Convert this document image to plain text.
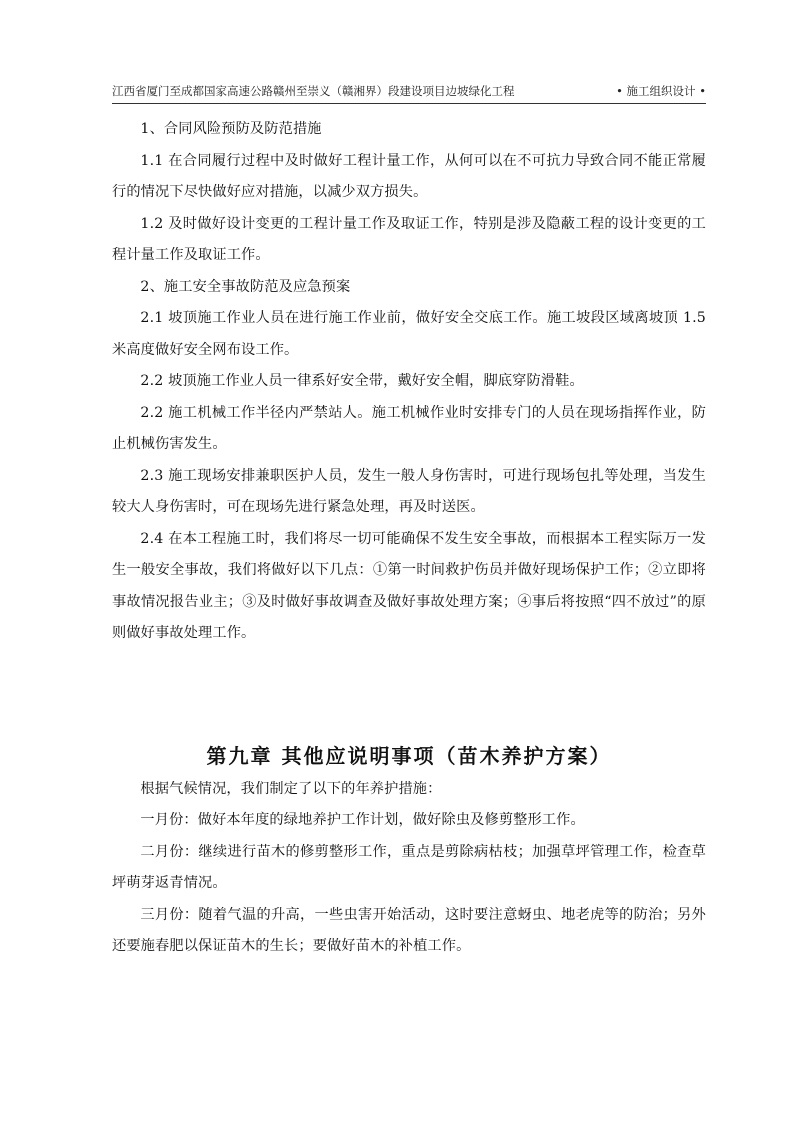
江西省厦门至成都国家高速公路赣州至崇义（赣湘界）段建设项目边坡绿化工程	• 施工组织设计 •

1、合同风险预防及防范措施

1.1 在合同履行过程中及时做好工程计量工作，从何可以在不可抗力导致合同不能正常履行的情况下尽快做好应对措施，以减少双方损失。

1.2 及时做好设计变更的工程计量工作及取证工作，特别是涉及隐蔽工程的设计变更的工程计量工作及取证工作。

2、施工安全事故防范及应急预案

2.1 坡顶施工作业人员在进行施工作业前，做好安全交底工作。施工坡段区域离坡顶 1.5 米高度做好安全网布设工作。

2.2 坡顶施工作业人员一律系好安全带，戴好安全帽，脚底穿防滑鞋。

2.2 施工机械工作半径内严禁站人。施工机械作业时安排专门的人员在现场指挥作业，防止机械伤害发生。

2.3 施工现场安排兼职医护人员，发生一般人身伤害时，可进行现场包扎等处理，当发生较大人身伤害时，可在现场先进行紧急处理，再及时送医。

2.4 在本工程施工时，我们将尽一切可能确保不发生安全事故，而根据本工程实际万一发生一般安全事故，我们将做好以下几点：①第一时间救护伤员并做好现场保护工作；②立即将事故情况报告业主；③及时做好事故调查及做好事故处理方案；④事后将按照“四不放过”的原则做好事故处理工作。

第九章 其他应说明事项（苗木养护方案）

根据气候情况，我们制定了以下的年养护措施：

一月份：做好本年度的绿地养护工作计划，做好除虫及修剪整形工作。

二月份：继续进行苗木的修剪整形工作，重点是剪除病枯枝；加强草坪管理工作，检查草坪萌芽返青情况。

三月份：随着气温的升高，一些虫害开始活动，这时要注意蚜虫、地老虎等的防治；另外还要施春肥以保证苗木的生长；要做好苗木的补植工作。
